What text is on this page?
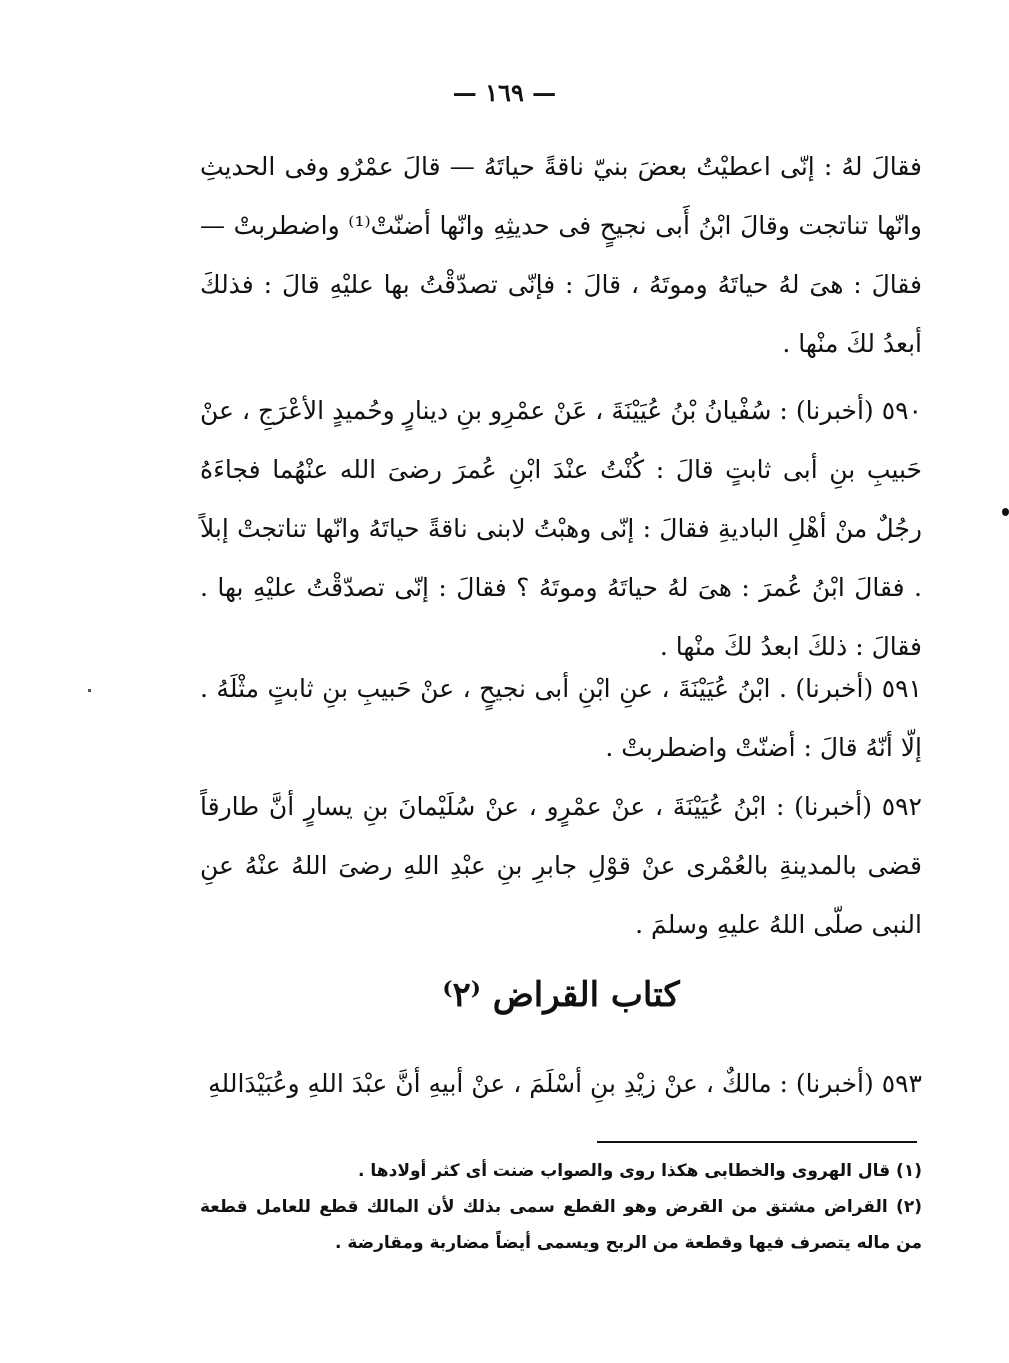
— ١٦٩ —

فقالَ لهُ : إنّى اعطيْتُ بعضَ بنيّ ناقةً حياتَهُ — قالَ عمْرٌو وفى الحديثِ وانّها تناتجت وقالَ ابْنُ أَبى نجيحٍ فى حديثِهِ وانّها أضنّتْ⁽¹⁾ واضطربتْ — فقالَ : هىَ لهُ حياتَهُ وموتَهُ ، قالَ : فإنّى تصدّقْتُ بها عليْهِ قالَ : فذلكَ أبعدُ لكَ منْها .

٥٩٠ (أخبرنا) : سُفْيانُ بْنُ عُيَيْنَةَ ، عَنْ عمْرِو بنِ دينارٍ وحُميدٍ الأعْرَجِ ، عنْ حَبيبِ بنِ أبى ثابتٍ قالَ : كُنْتُ عنْدَ ابْنِ عُمرَ رضىَ الله عنْهُما فجاءَهُ رجُلٌ منْ أهْلِ الباديةِ فقالَ : إنّى وهبْتُ لابنى ناقةً حياتَهُ وانّها تناتجتْ إبلاً . فقالَ ابْنُ عُمرَ : هىَ لهُ حياتَهُ وموتَهُ ؟ فقالَ : إنّى تصدّقْتُ عليْهِ بها . فقالَ : ذلكَ ابعدُ لكَ منْها .

٥٩١ (أخبرنا) . ابْنُ عُيَيْنَةَ ، عنِ ابْنِ أبى نجيحٍ ، عنْ حَبيبِ بنِ ثابتٍ مثْلَهُ . إلّا أنّهُ قالَ : أضنّتْ واضطربتْ .

٥٩٢ (أخبرنا) : ابْنُ عُيَيْنَةَ ، عنْ عمْرٍو ، عنْ سُلَيْمانَ بنِ يسارٍ أنَّ طارقاً قضى بالمدينةِ بالعُمْرى عنْ قوْلِ جابرِ بنِ عبْدِ اللهِ رضىَ اللهُ عنْهُ عنِ النبى صلّى اللهُ عليهِ وسلمَ .

كتاب القراض ⁽٢⁾

٥٩٣ (أخبرنا) : مالكٌ ، عنْ زيْدِ بنِ أسْلَمَ ، عنْ أبيهِ أنَّ عبْدَ اللهِ وعُبَيْدَاللهِ

(١) قال الهروى والخطابى هكذا روى والصواب ضنت أى كثر أولادها .

(٢) القراض مشتق من القرض وهو القطع سمى بذلك لأن المالك قطع للعامل قطعة من ماله يتصرف فيها وقطعة من الربح ويسمى أيضاً مضاربة ومقارضة .
